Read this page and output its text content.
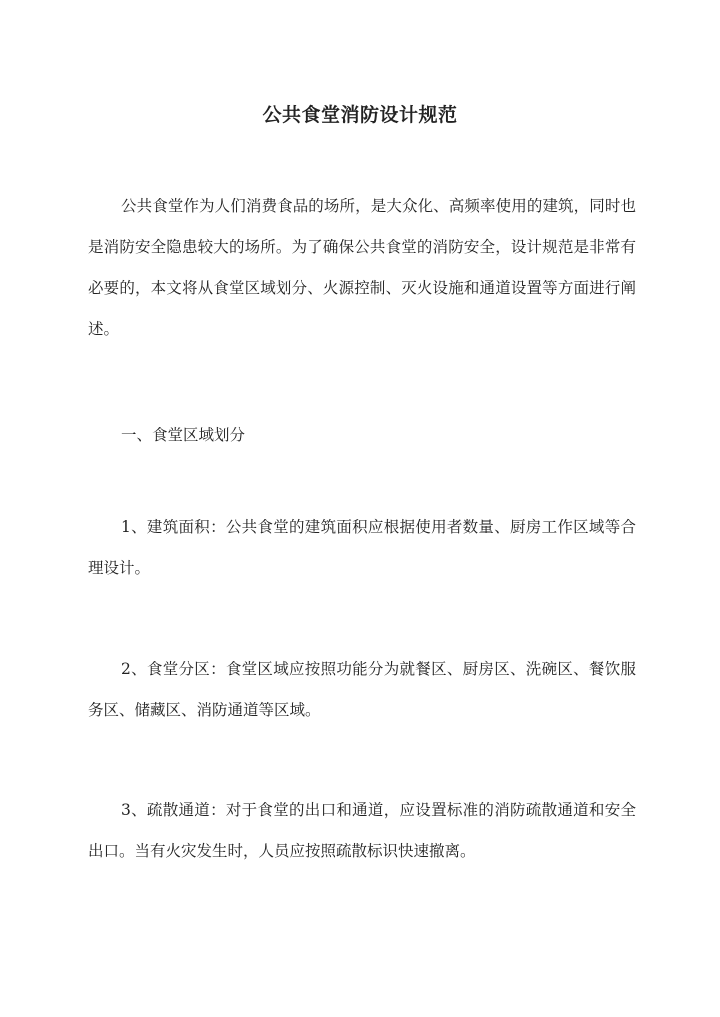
公共食堂消防设计规范

公共食堂作为人们消费食品的场所，是大众化、高频率使用的建筑，同时也是消防安全隐患较大的场所。为了确保公共食堂的消防安全，设计规范是非常有必要的，本文将从食堂区域划分、火源控制、灭火设施和通道设置等方面进行阐述。

一、食堂区域划分

1、建筑面积：公共食堂的建筑面积应根据使用者数量、厨房工作区域等合理设计。

2、食堂分区：食堂区域应按照功能分为就餐区、厨房区、洗碗区、餐饮服务区、储藏区、消防通道等区域。

3、疏散通道：对于食堂的出口和通道，应设置标准的消防疏散通道和安全出口。当有火灾发生时，人员应按照疏散标识快速撤离。
